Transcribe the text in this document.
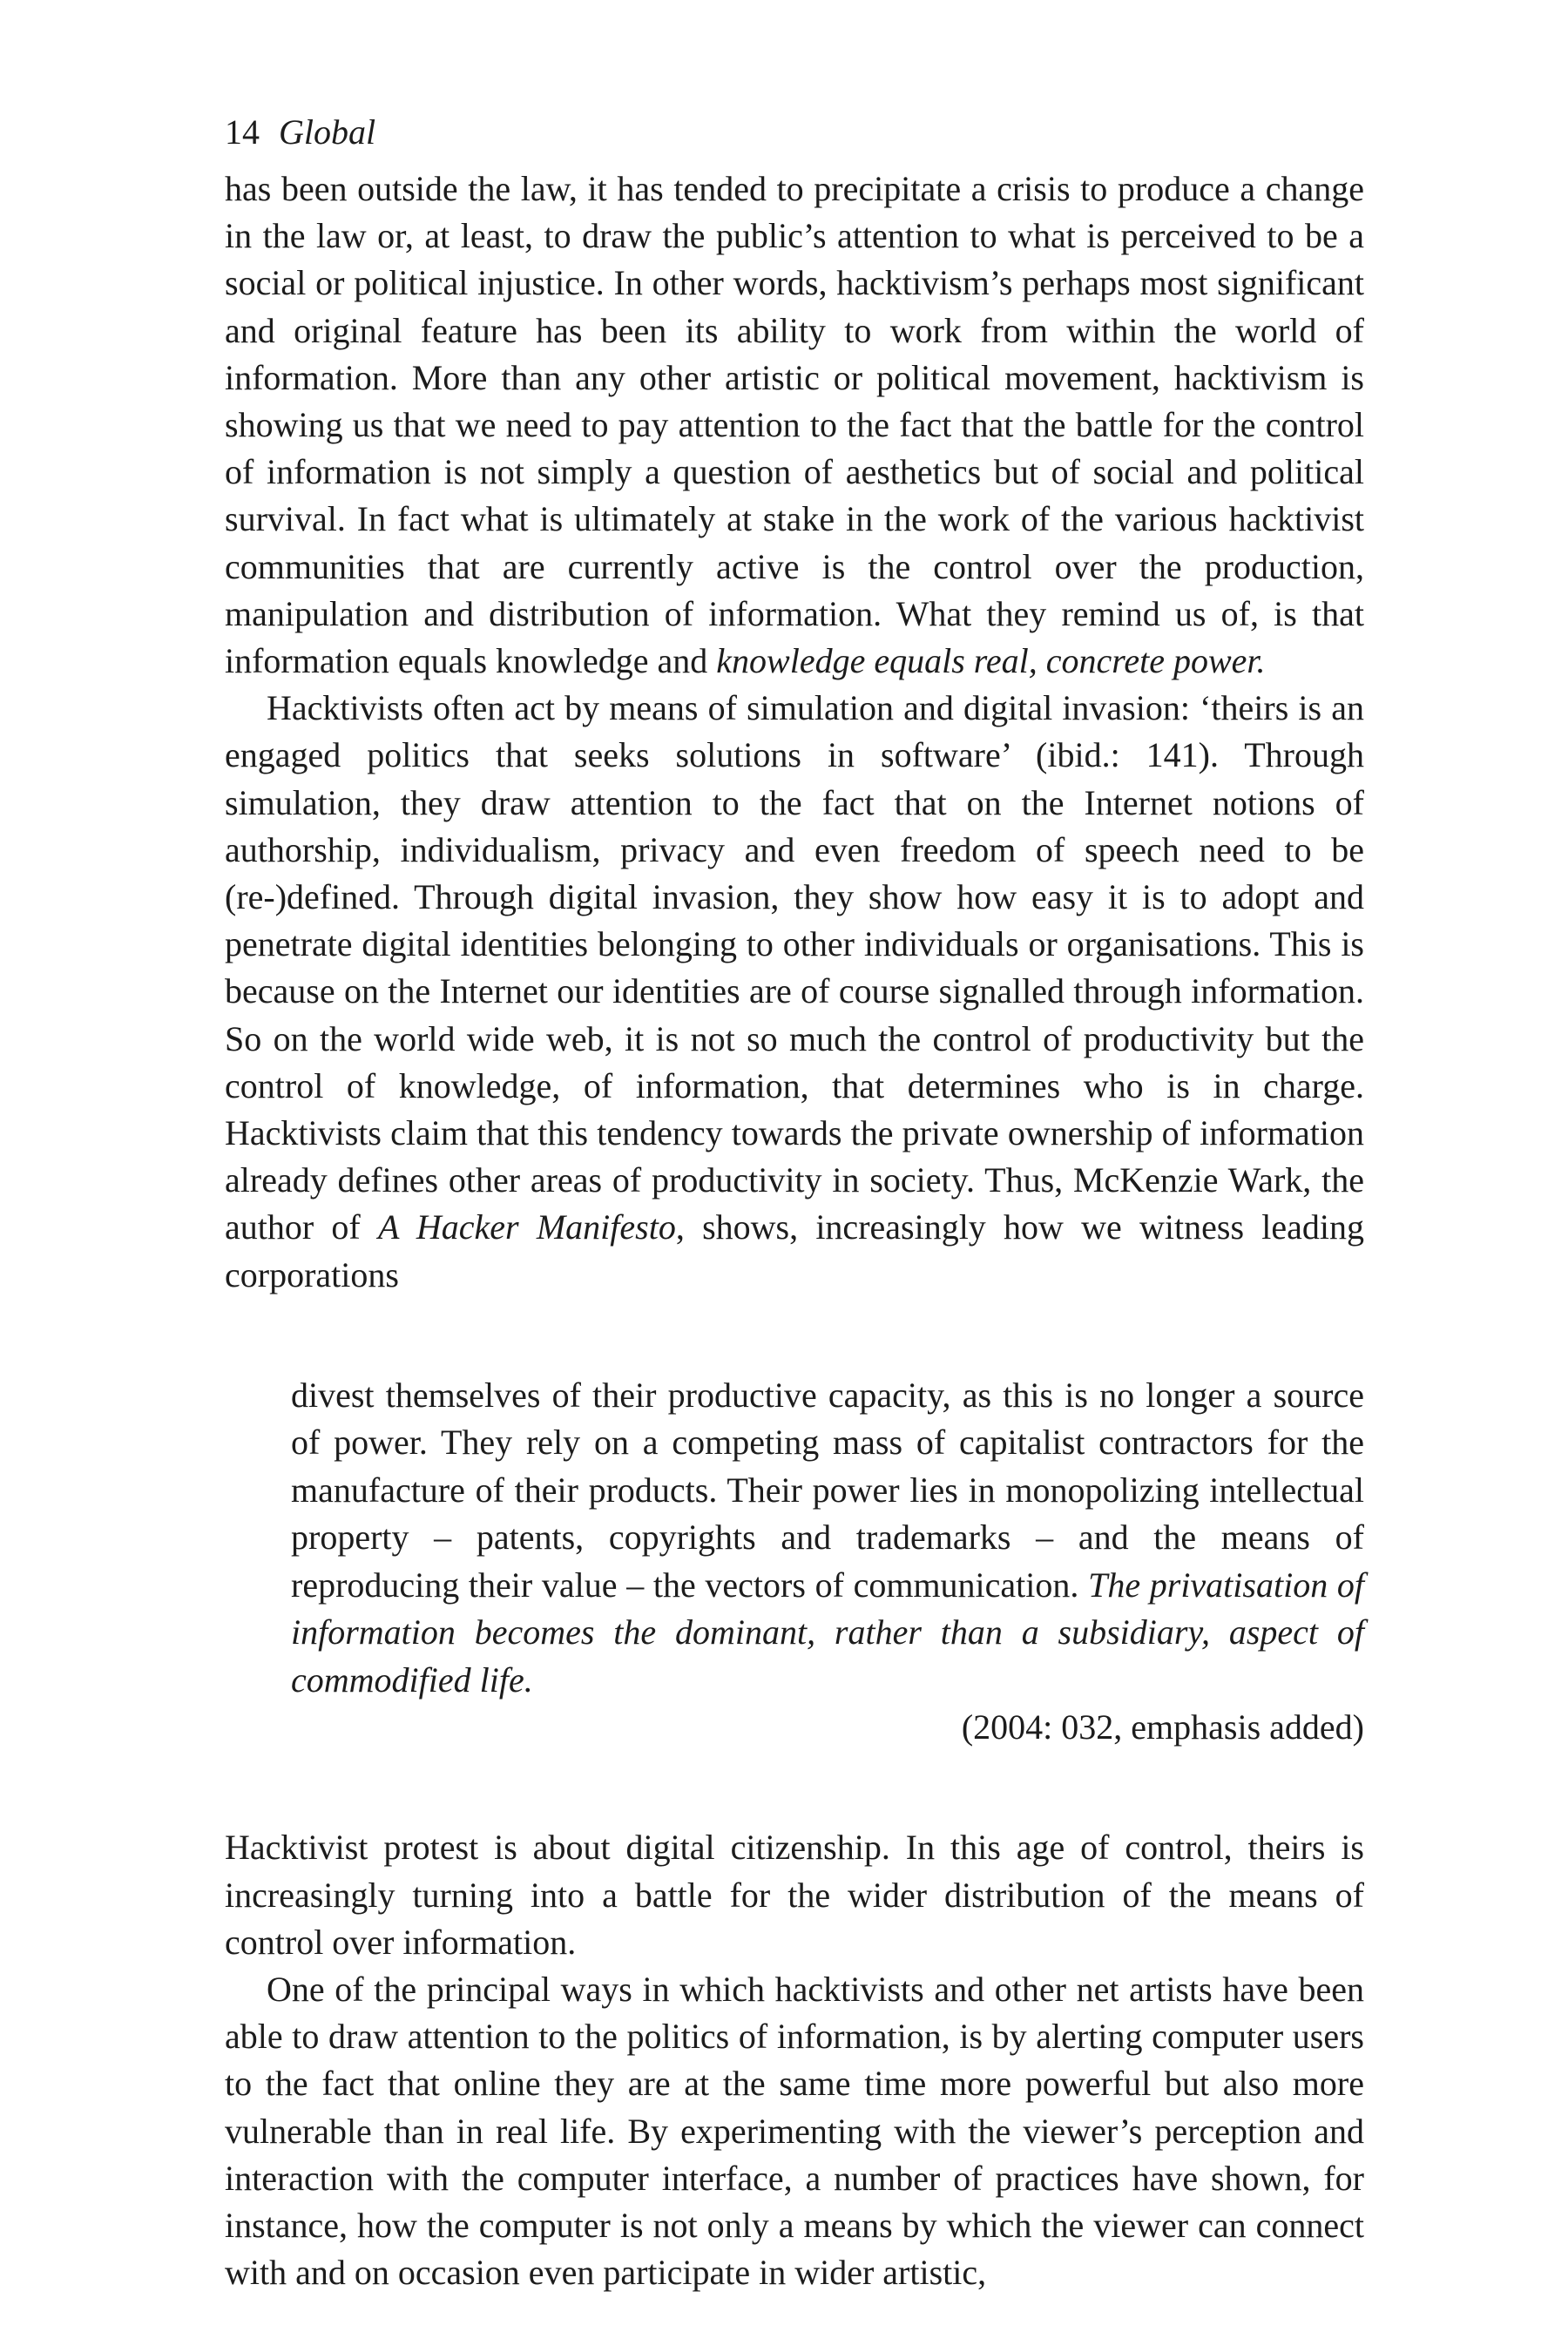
14 Global

has been outside the law, it has tended to precipitate a crisis to produce a change in the law or, at least, to draw the public’s attention to what is perceived to be a social or political injustice. In other words, hacktivism’s perhaps most significant and original feature has been its ability to work from within the world of information. More than any other artistic or political movement, hacktivism is showing us that we need to pay attention to the fact that the battle for the control of information is not simply a question of aesthetics but of social and political survival. In fact what is ultimately at stake in the work of the various hacktivist communities that are currently active is the control over the production, manipulation and distribution of information. What they remind us of, is that information equals knowledge and knowledge equals real, concrete power.

Hacktivists often act by means of simulation and digital invasion: ‘theirs is an engaged politics that seeks solutions in software’ (ibid.: 141). Through simulation, they draw attention to the fact that on the Internet notions of authorship, individualism, privacy and even freedom of speech need to be (re-)defined. Through digital invasion, they show how easy it is to adopt and penetrate digital identities belonging to other individuals or organisations. This is because on the Internet our identities are of course signalled through information. So on the world wide web, it is not so much the control of productivity but the control of knowledge, of information, that determines who is in charge. Hacktivists claim that this tendency towards the private ownership of information already defines other areas of productivity in society. Thus, McKenzie Wark, the author of A Hacker Manifesto, shows, increasingly how we witness leading corporations

divest themselves of their productive capacity, as this is no longer a source of power. They rely on a competing mass of capitalist contractors for the manufacture of their products. Their power lies in monopolizing intellectual property – patents, copyrights and trademarks – and the means of reproducing their value – the vectors of communication. The privatisation of information becomes the dominant, rather than a subsidiary, aspect of commodified life.

(2004: 032, emphasis added)

Hacktivist protest is about digital citizenship. In this age of control, theirs is increasingly turning into a battle for the wider distribution of the means of control over information.

One of the principal ways in which hacktivists and other net artists have been able to draw attention to the politics of information, is by alerting computer users to the fact that online they are at the same time more powerful but also more vulnerable than in real life. By experimenting with the viewer’s perception and interaction with the computer interface, a number of practices have shown, for instance, how the computer is not only a means by which the viewer can connect with and on occasion even participate in wider artistic,
